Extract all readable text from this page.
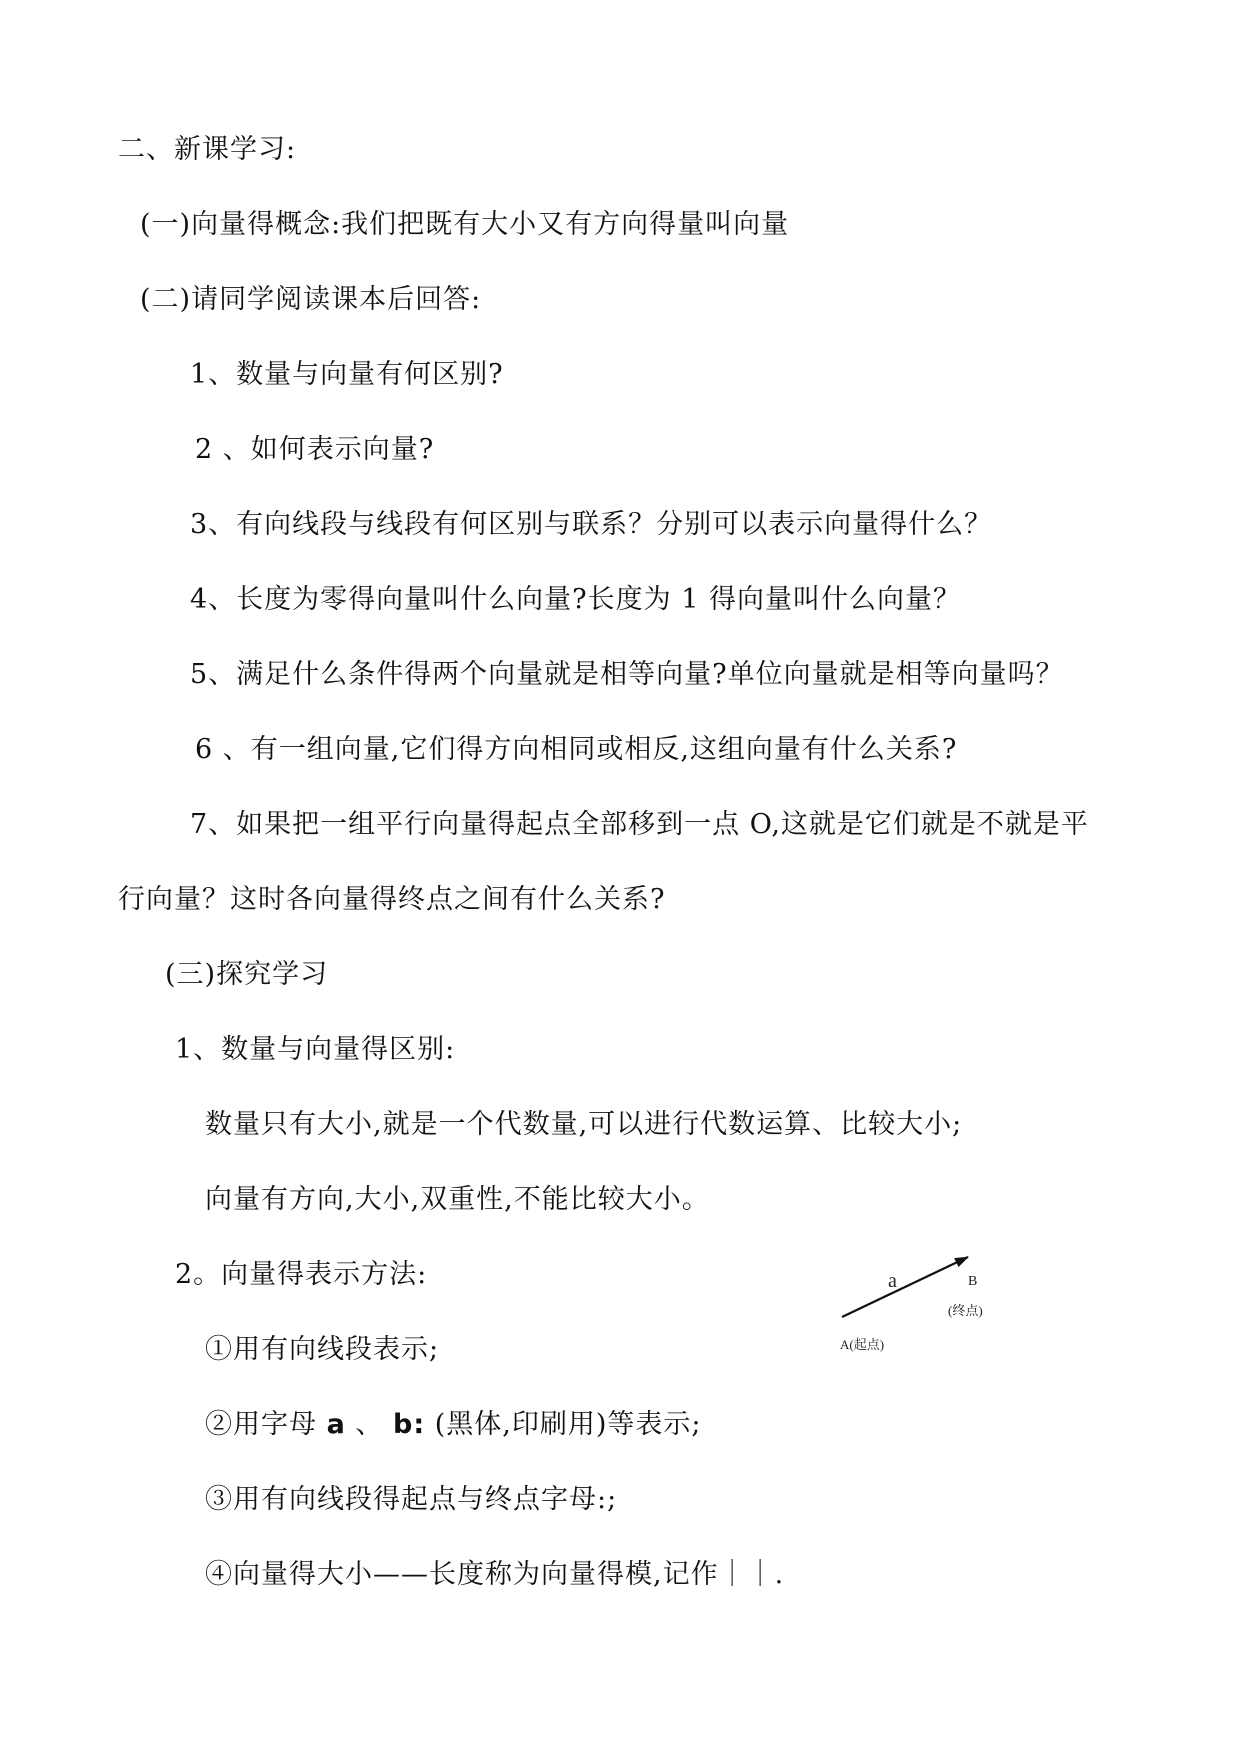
二、新课学习:
(一)向量得概念:我们把既有大小又有方向得量叫向量
(二)请同学阅读课本后回答:
1、数量与向量有何区别?
2 、如何表示向量?
3、有向线段与线段有何区别与联系？分别可以表示向量得什么？
4、长度为零得向量叫什么向量?长度为 1 得向量叫什么向量？
5、满足什么条件得两个向量就是相等向量?单位向量就是相等向量吗？
6 、有一组向量,它们得方向相同或相反,这组向量有什么关系?
7、如果把一组平行向量得起点全部移到一点 O,这就是它们就是不就是平
行向量？这时各向量得终点之间有什么关系?
(三)探究学习
1、数量与向量得区别:
数量只有大小,就是一个代数量,可以进行代数运算、比较大小;
向量有方向,大小,双重性,不能比较大小。
2。向量得表示方法:
①用有向线段表示;
②用字母 a 、 b: (黑体,印刷用)等表示;
③用有向线段得起点与终点字母:;
④向量得大小——长度称为向量得模,记作｜｜.
a	B
(终点)
A(起点)
